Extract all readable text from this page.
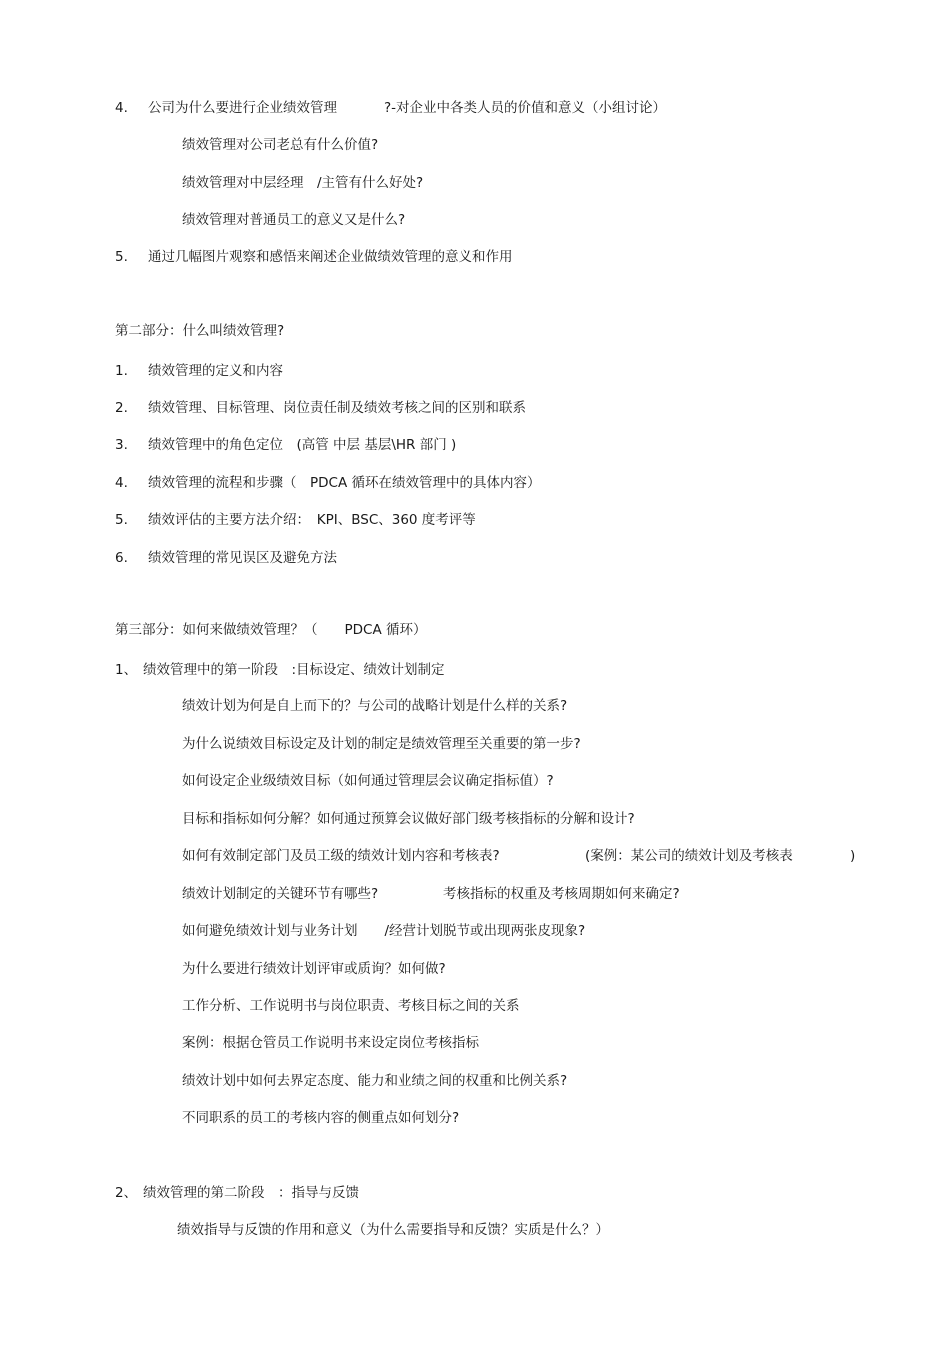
4. 公司为什么要进行企业绩效管理	?-对企业中各类人员的价值和意义（小组讨论）
绩效管理对公司老总有什么价值?
绩效管理对中层经理　/主管有什么好处?
绩效管理对普通员工的意义又是什么?
5. 通过几幅图片观察和感悟来阐述企业做绩效管理的意义和作用
第二部分：什么叫绩效管理?
1. 绩效管理的定义和内容
2. 绩效管理、目标管理、岗位责任制及绩效考核之间的区别和联系
3. 绩效管理中的角色定位　(高管 中层 基层\HR 部门 )
4. 绩效管理的流程和步骤（　PDCA 循环在绩效管理中的具体内容）
5. 绩效评估的主要方法介绍：　KPI、BSC、360 度考评等
6. 绩效管理的常见误区及避免方法
第三部分：如何来做绩效管理？（　　PDCA 循环）
1、 绩效管理中的第一阶段　:目标设定、绩效计划制定
绩效计划为何是自上而下的？与公司的战略计划是什么样的关系?
为什么说绩效目标设定及计划的制定是绩效管理至关重要的第一步?
如何设定企业级绩效目标（如何通过管理层会议确定指标值）?
目标和指标如何分解？如何通过预算会议做好部门级考核指标的分解和设计?
如何有效制定部门及员工级的绩效计划内容和考核表?	(案例：某公司的绩效计划及考核表	)
绩效计划制定的关键环节有哪些?	考核指标的权重及考核周期如何来确定?
如何避免绩效计划与业务计划　　/经营计划脱节或出现两张皮现象?
为什么要进行绩效计划评审或质询？如何做?
工作分析、工作说明书与岗位职责、考核目标之间的关系
案例：根据仓管员工作说明书来设定岗位考核指标
绩效计划中如何去界定态度、能力和业绩之间的权重和比例关系?
不同职系的员工的考核内容的侧重点如何划分?
2、 绩效管理的第二阶段　：指导与反馈
绩效指导与反馈的作用和意义（为什么需要指导和反馈？实质是什么？）
